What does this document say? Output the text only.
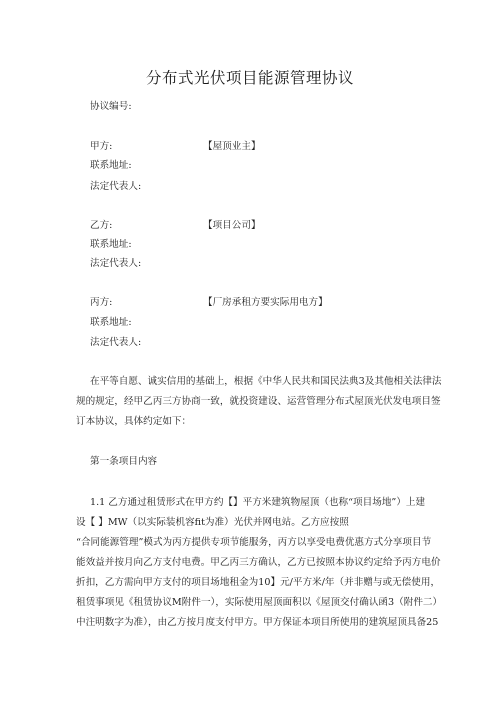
分布式光伏项目能源管理协议
协议编号:
甲方:	【屋顶业主】
联系地址:
法定代表人:
乙方:	【项目公司】
联系地址:
法定代表人:
丙方:	【厂房承租方要实际用电方】
联系地址:
法定代表人:
在平等自愿、诚实信用的基础上，根据《中华人民共和国民法典3及其他相关法律法
规的规定，经甲乙丙三方协商一致，就投资建设、运营管理分布式屋顶光伏发电项目签
订本协议，具体约定如下：
第一条项目内容
1.1 乙方通过租赁形式在甲方约【】平方米建筑物屋顶（也称“项目场地”）上建
设【 】MW（以实际装机容fit为准）光伏并网电站。乙方应按照
“合同能源管理”模式为丙方提供专项节能服务，丙方以享受电费优惠方式分享项目节
能效益并按月向乙方支付电费。甲乙丙三方确认，乙方已按照本协议约定给予丙方电价
折扣，乙方需向甲方支付的项目场地租金为10】元/平方米/年（并非赠与或无偿使用，
租赁事项见《租赁协议M附件一），实际使用屋顶面积以《屋顶交付确认函3（附件二）
中注明数字为准），由乙方按月度支付甲方。甲方保证本项目所使用的建筑屋顶具备25
